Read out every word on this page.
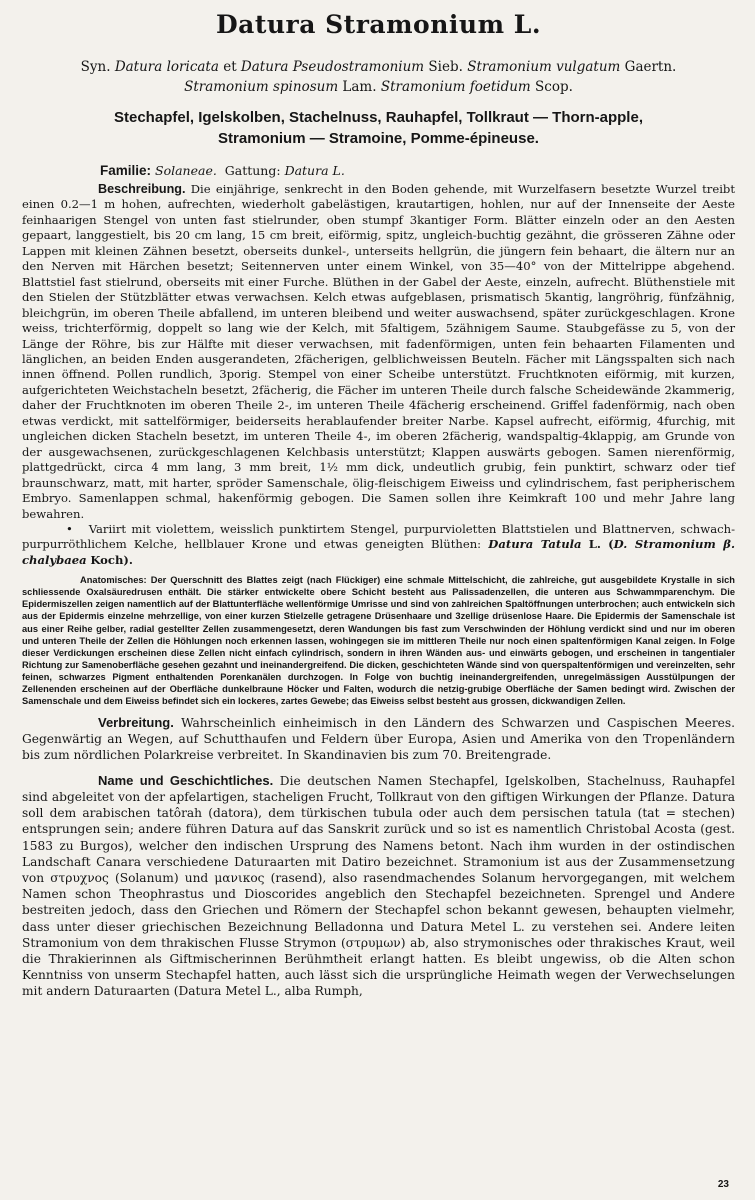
Datura Stramonium L.

Syn. Datura loricata et Datura Pseudostramonium Sieb. Stramonium vulgatum Gaertn.

Stramonium spinosum Lam. Stramonium foetidum Scop.

Stechapfel, Igelskolben, Stachelnuss, Rauhapfel, Tollkraut — Thorn-apple,
Stramonium — Stramoine, Pomme-épineuse.
Familie: Solaneae. Gattung: Datura L.

Beschreibung. Die einjährige, senkrecht in den Boden gehende, mit Wurzelfasern besetzte Wurzel treibt einen 0.2—1 m hohen, aufrechten, wiederholt gabelästigen, krautartigen, hohlen, nur auf der Innenseite der Aeste feinhaarigen Stengel von unten fast stielrunder, oben stumpf 3kantiger Form. Blätter einzeln oder an den Aesten gepaart, langgestielt, bis 20 cm lang, 15 cm breit, eiförmig, spitz, ungleich-buchtig gezähnt, die grösseren Zähne oder Lappen mit kleinen Zähnen besetzt, oberseits dunkel-, unterseits hellgrün, die jüngern fein behaart, die ältern nur an den Nerven mit Härchen besetzt; Seitennerven unter einem Winkel, von 35—40° von der Mittelrippe abgehend. Blattstiel fast stielrund, oberseits mit einer Furche. Blüthen in der Gabel der Aeste, einzeln, aufrecht. Blüthenstiele mit den Stielen der Stützblätter etwas verwachsen. Kelch etwas aufgeblasen, prismatisch 5kantig, langröhrig, fünfzähnig, bleichgrün, im oberen Theile abfallend, im unteren bleibend und weiter auswachsend, später zurückgeschlagen. Krone weiss, trichterförmig, doppelt so lang wie der Kelch, mit 5faltigem, 5zähnigem Saume. Staubgefässe zu 5, von der Länge der Röhre, bis zur Hälfte mit dieser verwachsen, mit fadenförmigen, unten fein behaarten Filamenten und länglichen, an beiden Enden ausgerandeten, 2fächerigen, gelblichweissen Beuteln. Fächer mit Längsspalten sich nach innen öffnend. Pollen rundlich, 3porig. Stempel von einer Scheibe unterstützt. Fruchtknoten eiförmig, mit kurzen, aufgerichteten Weichstacheln besetzt, 2fächerig, die Fächer im unteren Theile durch falsche Scheidewände 2kammerig, daher der Fruchtknoten im oberen Theile 2-, im unteren Theile 4fächerig erscheinend. Griffel fadenförmig, nach oben etwas verdickt, mit sattelförmiger, beiderseits herablaufender breiter Narbe. Kapsel aufrecht, eiförmig, 4furchig, mit ungleichen dicken Stacheln besetzt, im unteren Theile 4-, im oberen 2fächerig, wandspaltig-4klappig, am Grunde von der ausgewachsenen, zurückgeschlagenen Kelchbasis unterstützt; Klappen auswärts gebogen. Samen nierenförmig, plattgedrückt, circa 4 mm lang, 3 mm breit, 1½ mm dick, undeutlich grubig, fein punktirt, schwarz oder tief braunschwarz, matt, mit harter, spröder Samenschale, ölig-fleischigem Eiweiss und cylindrischem, fast peripherischem Embryo. Samenlappen schmal, hakenförmig gebogen. Die Samen sollen ihre Keimkraft 100 und mehr Jahre lang bewahren.

• Variirt mit violettem, weisslich punktirtem Stengel, purpurvioletten Blattstielen und Blattnerven, schwach-purpurröthlichem Kelche, hellblauer Krone und etwas geneigten Blüthen: Datura Tatula L. (D. Stramonium β. chalybaea Koch).

Anatomisches: Der Querschnitt des Blattes zeigt (nach Flückiger) eine schmale Mittelschicht, die zahlreiche, gut ausgebildete Krystalle in sich schliessende Oxalsäuredrusen enthält. Die stärker entwickelte obere Schicht besteht aus Palissadenzellen, die unteren aus Schwammparenchym. Die Epidermiszellen zeigen namentlich auf der Blattunterfläche wellenförmige Umrisse und sind von zahlreichen Spaltöffnungen unterbrochen; auch entwickeln sich aus der Epidermis einzelne mehrzellige, von einer kurzen Stielzelle getragene Drüsenhaare und 3zellige drüsenlose Haare. Die Epidermis der Samenschale ist aus einer Reihe gelber, radial gestellter Zellen zusammengesetzt, deren Wandungen bis fast zum Verschwinden der Höhlung verdickt sind und nur im oberen und unteren Theile der Zellen die Höhlungen noch erkennen lassen, wohingegen sie im mittleren Theile nur noch einen spaltenförmigen Kanal zeigen. In Folge dieser Verdickungen erscheinen diese Zellen nicht einfach cylindrisch, sondern in ihren Wänden aus- und einwärts gebogen, und erscheinen in tangentialer Richtung zur Samenoberfläche gesehen gezahnt und ineinandergreifend. Die dicken, geschichteten Wände sind von querspaltenförmigen und vereinzelten, sehr feinen, schwarzes Pigment enthaltenden Porenkanälen durchzogen. In Folge von buchtig ineinandergreifenden, unregelmässigen Ausstülpungen der Zellenenden erscheinen auf der Oberfläche dunkelbraune Höcker und Falten, wodurch die netzig-grubige Oberfläche der Samen bedingt wird. Zwischen der Samenschale und dem Eiweiss befindet sich ein lockeres, zartes Gewebe; das Eiweiss selbst besteht aus grossen, dickwandigen Zellen.

Verbreitung. Wahrscheinlich einheimisch in den Ländern des Schwarzen und Caspischen Meeres. Gegenwärtig an Wegen, auf Schutthaufen und Feldern über Europa, Asien und Amerika von den Tropenländern bis zum nördlichen Polarkreise verbreitet. In Skandinavien bis zum 70. Breitengrade.

Name und Geschichtliches. Die deutschen Namen Stechapfel, Igelskolben, Stachelnuss, Rauhapfel sind abgeleitet von der apfelartigen, stacheligen Frucht, Tollkraut von den giftigen Wirkungen der Pflanze. Datura soll dem arabischen tatôrah (datora), dem türkischen tubula oder auch dem persischen tatula (tat = stechen) entsprungen sein; andere führen Datura auf das Sanskrit zurück und so ist es namentlich Christobal Acosta (gest. 1583 zu Burgos), welcher den indischen Ursprung des Namens betont. Nach ihm wurden in der ostindischen Landschaft Canara verschiedene Daturaarten mit Datiro bezeichnet. Stramonium ist aus der Zusammensetzung von στρυχνος (Solanum) und μανικος (rasend), also rasendmachendes Solanum hervorgegangen, mit welchem Namen schon Theophrastus und Dioscorides angeblich den Stechapfel bezeichneten. Sprengel und Andere bestreiten jedoch, dass den Griechen und Römern der Stechapfel schon bekannt gewesen, behaupten vielmehr, dass unter dieser griechischen Bezeichnung Belladonna und Datura Metel L. zu verstehen sei. Andere leiten Stramonium von dem thrakischen Flusse Strymon (στρυμων) ab, also strymonisches oder thrakisches Kraut, weil die Thrakierinnen als Giftmischerinnen Berühmtheit erlangt hatten. Es bleibt ungewiss, ob die Alten schon Kenntniss von unserm Stechapfel hatten, auch lässt sich die ursprüngliche Heimath wegen der Verwechselungen mit andern Daturaarten (Datura Metel L., alba Rumph,

23
